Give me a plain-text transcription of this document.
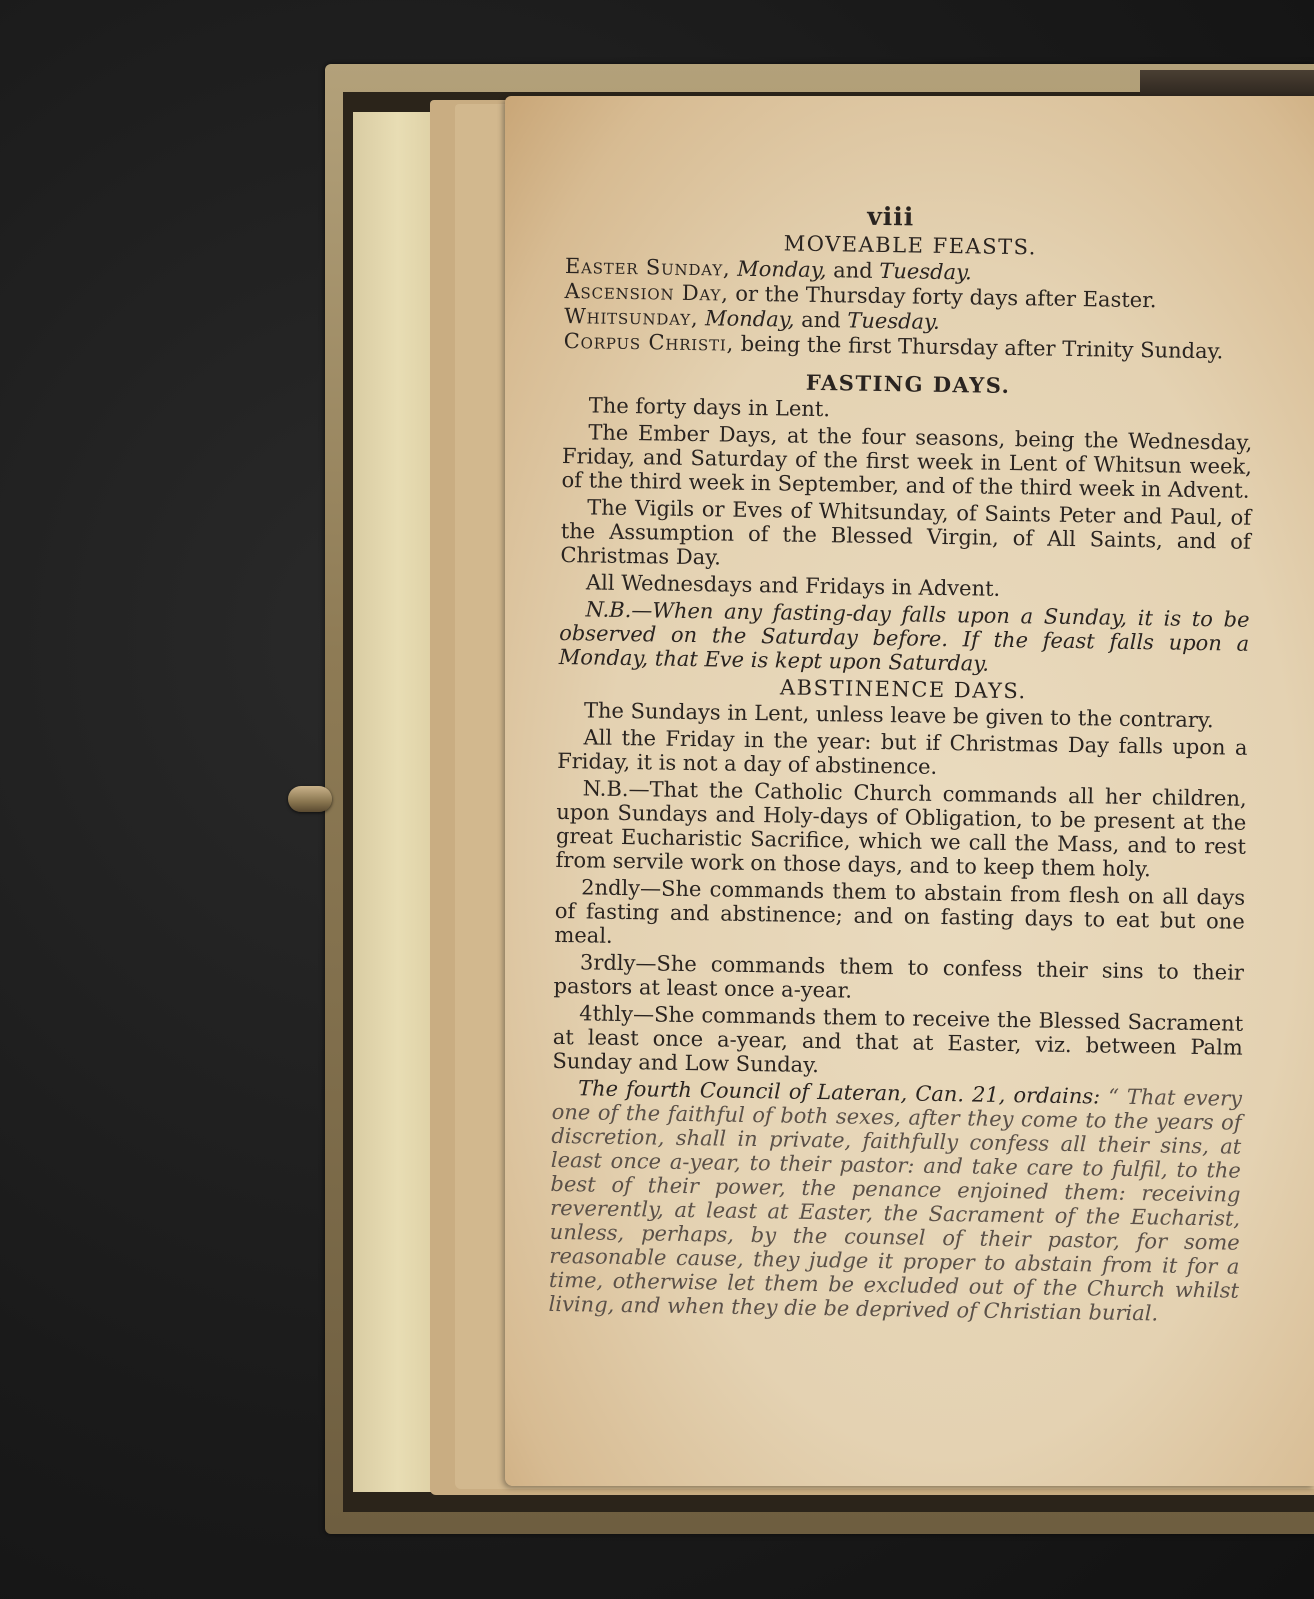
viii
MOVEABLE FEASTS.
Easter Sunday, Monday, and Tuesday.
Ascension Day, or the Thursday forty days after Easter.
Whitsunday, Monday, and Tuesday.
Corpus Christi, being the first Thursday after Trinity Sunday.
FASTING DAYS.

The forty days in Lent.

The Ember Days, at the four seasons, being the Wednesday, Friday, and Saturday of the first week in Lent of Whitsun week, of the third week in September, and of the third week in Advent.

The Vigils or Eves of Whitsunday, of Saints Peter and Paul, of the Assumption of the Blessed Virgin, of All Saints, and of Christmas Day.

All Wednesdays and Fridays in Advent.

N.B.—When any fasting-day falls upon a Sunday, it is to be observed on the Saturday before. If the feast falls upon a Monday, that Eve is kept upon Saturday.

ABSTINENCE DAYS.

The Sundays in Lent, unless leave be given to the contrary.

All the Friday in the year: but if Christmas Day falls upon a Friday, it is not a day of abstinence.

N.B.—That the Catholic Church commands all her children, upon Sundays and Holy-days of Obligation, to be present at the great Eucharistic Sacrifice, which we call the Mass, and to rest from servile work on those days, and to keep them holy.

2ndly—She commands them to abstain from flesh on all days of fasting and abstinence; and on fasting days to eat but one meal.

3rdly—She commands them to confess their sins to their pastors at least once a-year.

4thly—She commands them to receive the Blessed Sacrament at least once a-year, and that at Easter, viz. between Palm Sunday and Low Sunday.

The fourth Council of Lateran, Can. 21, ordains: “ That every one of the faithful of both sexes, after they come to the years of discretion, shall in private, faithfully confess all their sins, at least once a-year, to their pastor: and take care to fulfil, to the best of their power, the penance enjoined them: receiving reverently, at least at Easter, the Sacrament of the Eucharist, unless, perhaps, by the counsel of their pastor, for some reasonable cause, they judge it proper to abstain from it for a time, otherwise let them be excluded out of the Church whilst living, and when they die be deprived of Christian burial.
